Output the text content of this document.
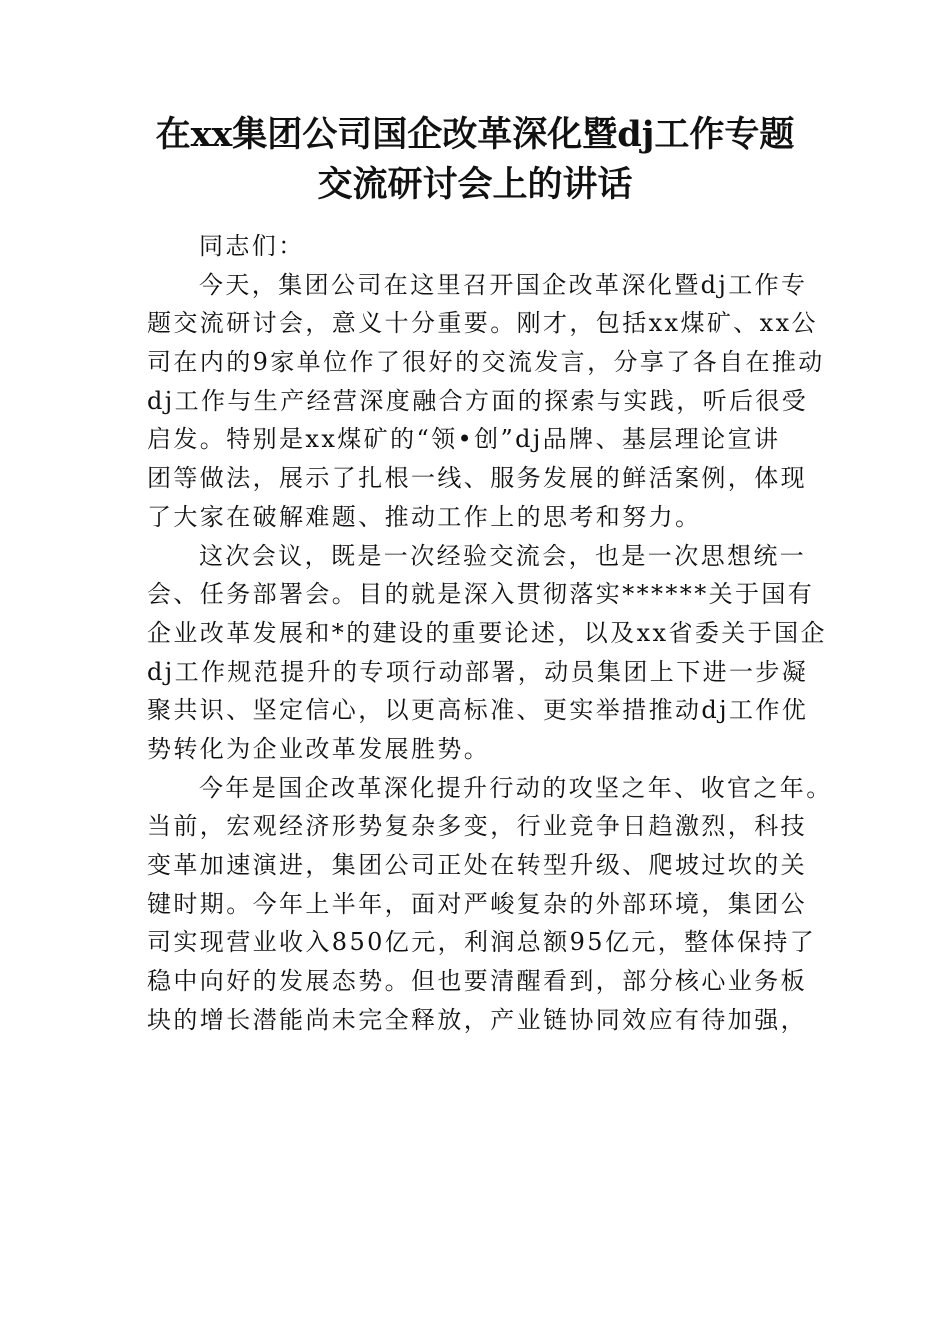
在xx集团公司国企改革深化暨dj工作专题
交流研讨会上的讲话
同志们：
今天，集团公司在这里召开国企改革深化暨dj工作专
题交流研讨会，意义十分重要。刚才，包括xx煤矿、xx公
司在内的9家单位作了很好的交流发言，分享了各自在推动
dj工作与生产经营深度融合方面的探索与实践，听后很受
启发。特别是xx煤矿的“领•创”dj品牌、基层理论宣讲
团等做法，展示了扎根一线、服务发展的鲜活案例，体现
了大家在破解难题、推动工作上的思考和努力。
这次会议，既是一次经验交流会，也是一次思想统一
会、任务部署会。目的就是深入贯彻落实******关于国有
企业改革发展和*的建设的重要论述，以及xx省委关于国企
dj工作规范提升的专项行动部署，动员集团上下进一步凝
聚共识、坚定信心，以更高标准、更实举措推动dj工作优
势转化为企业改革发展胜势。
今年是国企改革深化提升行动的攻坚之年、收官之年。
当前，宏观经济形势复杂多变，行业竞争日趋激烈，科技
变革加速演进，集团公司正处在转型升级、爬坡过坎的关
键时期。今年上半年，面对严峻复杂的外部环境，集团公
司实现营业收入850亿元，利润总额95亿元，整体保持了
稳中向好的发展态势。但也要清醒看到，部分核心业务板
块的增长潜能尚未完全释放，产业链协同效应有待加强，
